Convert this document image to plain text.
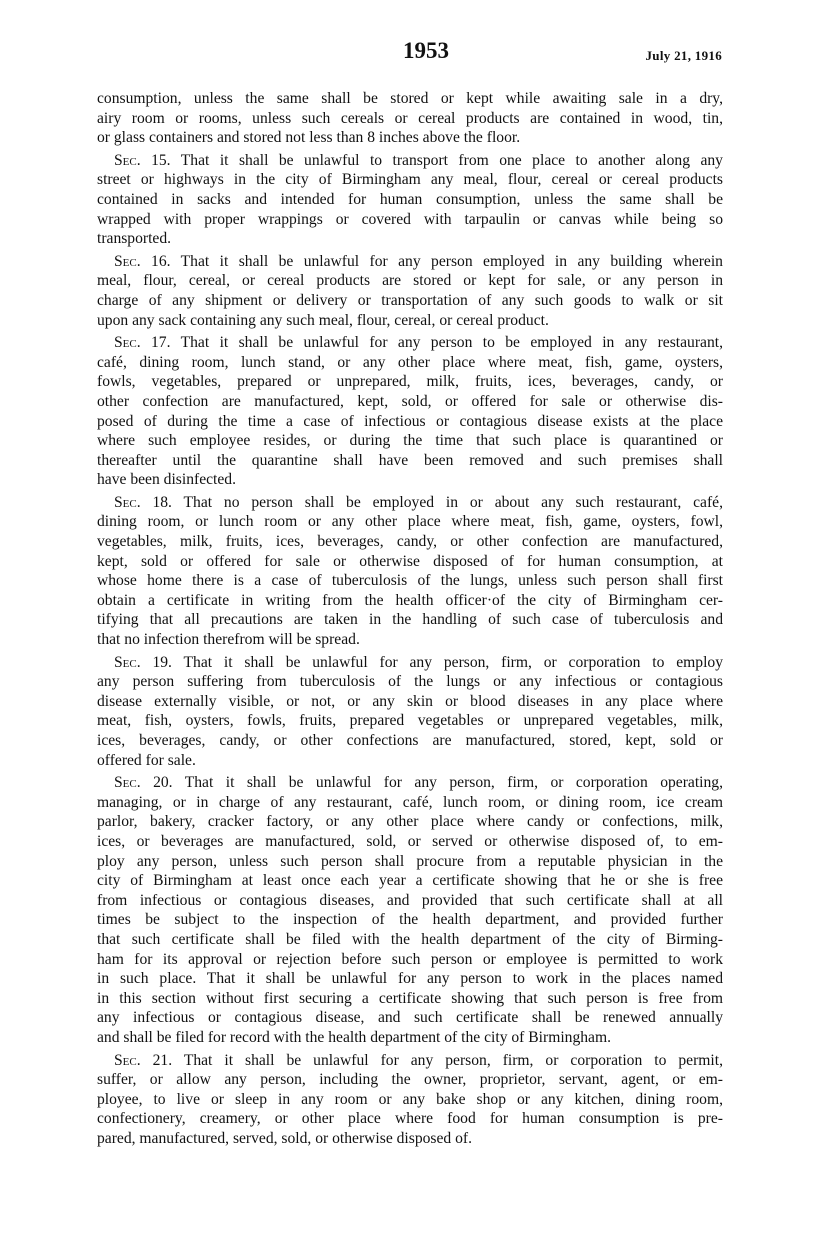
1953	July 21, 1916
consumption, unless the same shall be stored or kept while awaiting sale in a dry,
airy room or rooms, unless such cereals or cereal products are contained in wood, tin,
or glass containers and stored not less than 8 inches above the floor.
Sec. 15. That it shall be unlawful to transport from one place to another along any
street or highways in the city of Birmingham any meal, flour, cereal or cereal products
contained in sacks and intended for human consumption, unless the same shall be
wrapped with proper wrappings or covered with tarpaulin or canvas while being so
transported.
Sec. 16. That it shall be unlawful for any person employed in any building wherein
meal, flour, cereal, or cereal products are stored or kept for sale, or any person in
charge of any shipment or delivery or transportation of any such goods to walk or sit
upon any sack containing any such meal, flour, cereal, or cereal product.
Sec. 17. That it shall be unlawful for any person to be employed in any restaurant,
café, dining room, lunch stand, or any other place where meat, fish, game, oysters,
fowls, vegetables, prepared or unprepared, milk, fruits, ices, beverages, candy, or
other confection are manufactured, kept, sold, or offered for sale or otherwise dis-
posed of during the time a case of infectious or contagious disease exists at the place
where such employee resides, or during the time that such place is quarantined or
thereafter until the quarantine shall have been removed and such premises shall
have been disinfected.
Sec. 18. That no person shall be employed in or about any such restaurant, café,
dining room, or lunch room or any other place where meat, fish, game, oysters, fowl,
vegetables, milk, fruits, ices, beverages, candy, or other confection are manufactured,
kept, sold or offered for sale or otherwise disposed of for human consumption, at
whose home there is a case of tuberculosis of the lungs, unless such person shall first
obtain a certificate in writing from the health officer·of the city of Birmingham cer-
tifying that all precautions are taken in the handling of such case of tuberculosis and
that no infection therefrom will be spread.
Sec. 19. That it shall be unlawful for any person, firm, or corporation to employ
any person suffering from tuberculosis of the lungs or any infectious or contagious
disease externally visible, or not, or any skin or blood diseases in any place where
meat, fish, oysters, fowls, fruits, prepared vegetables or unprepared vegetables, milk,
ices, beverages, candy, or other confections are manufactured, stored, kept, sold or
offered for sale.
Sec. 20. That it shall be unlawful for any person, firm, or corporation operating,
managing, or in charge of any restaurant, café, lunch room, or dining room, ice cream
parlor, bakery, cracker factory, or any other place where candy or confections, milk,
ices, or beverages are manufactured, sold, or served or otherwise disposed of, to em-
ploy any person, unless such person shall procure from a reputable physician in the
city of Birmingham at least once each year a certificate showing that he or she is free
from infectious or contagious diseases, and provided that such certificate shall at all
times be subject to the inspection of the health department, and provided further
that such certificate shall be filed with the health department of the city of Birming-
ham for its approval or rejection before such person or employee is permitted to work
in such place. That it shall be unlawful for any person to work in the places named
in this section without first securing a certificate showing that such person is free from
any infectious or contagious disease, and such certificate shall be renewed annually
and shall be filed for record with the health department of the city of Birmingham.
Sec. 21. That it shall be unlawful for any person, firm, or corporation to permit,
suffer, or allow any person, including the owner, proprietor, servant, agent, or em-
ployee, to live or sleep in any room or any bake shop or any kitchen, dining room,
confectionery, creamery, or other place where food for human consumption is pre-
pared, manufactured, served, sold, or otherwise disposed of.
